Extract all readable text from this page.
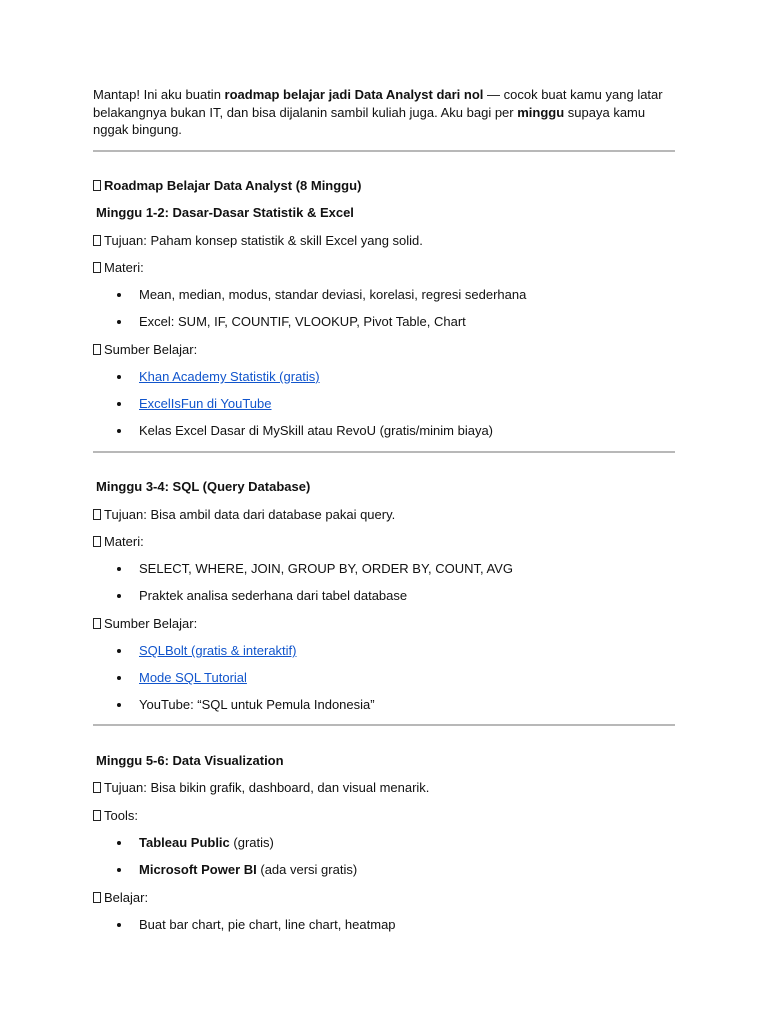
Mantap! Ini aku buatin roadmap belajar jadi Data Analyst dari nol — cocok buat kamu yang latar belakangnya bukan IT, dan bisa dijalanin sambil kuliah juga. Aku bagi per minggu supaya kamu nggak bingung.

Roadmap Belajar Data Analyst (8 Minggu)

Minggu 1-2: Dasar-Dasar Statistik & Excel

Tujuan: Paham konsep statistik & skill Excel yang solid.

Materi:

Mean, median, modus, standar deviasi, korelasi, regresi sederhana
Excel: SUM, IF, COUNTIF, VLOOKUP, Pivot Table, Chart

Sumber Belajar:

Khan Academy Statistik (gratis)
ExcelIsFun di YouTube
Kelas Excel Dasar di MySkill atau RevoU (gratis/minim biaya)

Minggu 3-4: SQL (Query Database)

Tujuan: Bisa ambil data dari database pakai query.

Materi:

SELECT, WHERE, JOIN, GROUP BY, ORDER BY, COUNT, AVG
Praktek analisa sederhana dari tabel database

Sumber Belajar:

SQLBolt (gratis & interaktif)
Mode SQL Tutorial
YouTube: “SQL untuk Pemula Indonesia”

Minggu 5-6: Data Visualization

Tujuan: Bisa bikin grafik, dashboard, dan visual menarik.

Tools:

Tableau Public (gratis)
Microsoft Power BI (ada versi gratis)

Belajar:

Buat bar chart, pie chart, line chart, heatmap
